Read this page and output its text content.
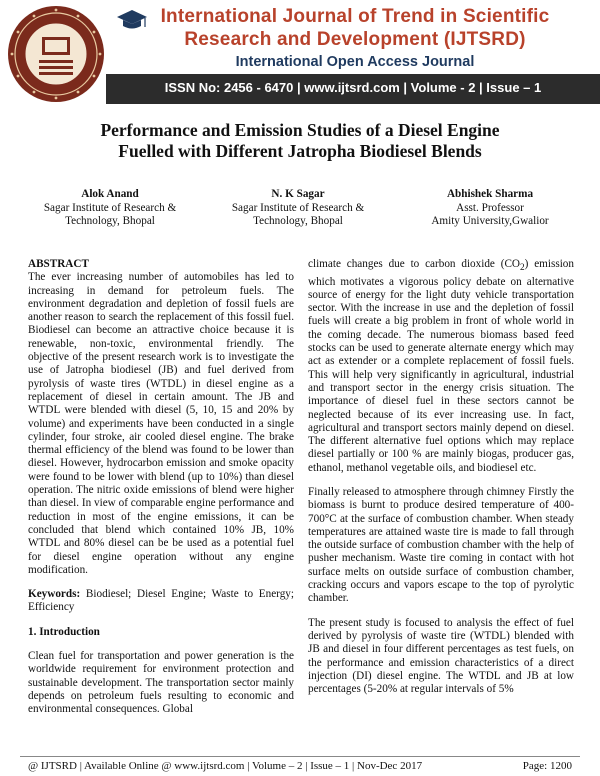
International Journal of Trend in Scientific
Research and Development (IJTSRD)
International Open Access Journal
ISSN No: 2456 - 6470 | www.ijtsrd.com | Volume - 2 | Issue – 1
Performance and Emission Studies of a Diesel Engine
Fuelled with Different Jatropha Biodiesel Blends
Alok Anand
Sagar Institute of Research &
Technology, Bhopal
N. K Sagar
Sagar Institute of Research &
Technology, Bhopal
Abhishek Sharma
Asst. Professor
Amity University,Gwalior
ABSTRACT

The ever increasing number of automobiles has led to increasing in demand for petroleum fuels. The environment degradation and depletion of fossil fuels are another reason to search the replacement of this fossil fuel. Biodiesel can become an attractive choice because it is renewable, non-toxic, environmental friendly. The objective of the present research work is to investigate the use of Jatropha biodiesel (JB) and fuel derived from pyrolysis of waste tires (WTDL) in diesel engine as a replacement of diesel in certain amount. The JB and WTDL were blended with diesel (5, 10, 15 and 20% by volume) and experiments have been conducted in a single cylinder, four stroke, air cooled diesel engine. The brake thermal efficiency of the blend was found to be lower than diesel. However, hydrocarbon emission and smoke opacity were found to be lower with blend (up to 10%) than diesel operation. The nitric oxide emissions of blend were higher than diesel. In view of comparable engine performance and reduction in most of the engine emissions, it can be concluded that blend which contained 10% JB, 10% WTDL and 80% diesel can be be used as a potential fuel for diesel engine operation without any engine modification.

Keywords: Biodiesel; Diesel Engine; Waste to Energy; Efficiency

1. Introduction

Clean fuel for transportation and power generation is the worldwide requirement for environment protection and sustainable development. The transportation sector mainly depends on petroleum fuels resulting to economic and environmental consequences. Global

climate changes due to carbon dioxide $(CO_2)$ emission which motivates a vigorous policy debate on alternative source of energy for the light duty vehicle transportation sector. With the increase in use and the depletion of fossil fuels will create a big problem in front of whole world in the coming decade. The numerous biomass based feed stocks can be used to generate alternate energy which may act as extender or a complete replacement of fossil fuels. This will help very significantly in agricultural, industrial and transport sector in the energy crisis situation. The importance of diesel fuel in these sectors cannot be neglected because of its ever increasing use. In fact, agricultural and transport sectors mainly depend on diesel. The different alternative fuel options which may replace diesel partially or 100 % are mainly biogas, producer gas, ethanol, methanol vegetable oils, and biodiesel etc.

Finally released to atmosphere through chimney Firstly the biomass is burnt to produce desired temperature of 400-700°C at the surface of combustion chamber. When steady temperatures are attained waste tire is made to fall through the outside surface of combustion chamber with the help of pusher mechanism. Waste tire coming in contact with hot surface melts on outside surface of combustion chamber, cracking occurs and vapors escape to the top of pyrolytic chamber.

The present study is focused to analysis the effect of fuel derived by pyrolysis of waste tire (WTDL) blended with JB and diesel in four different percentages as test fuels, on the performance and emission characteristics of a direct injection (DI) diesel engine. The WTDL and JB at low percentages (5-20% at regular intervals of 5%

@ IJTSRD | Available Online @ www.ijtsrd.com | Volume – 2 | Issue – 1 | Nov-Dec 2017	Page: 1200
